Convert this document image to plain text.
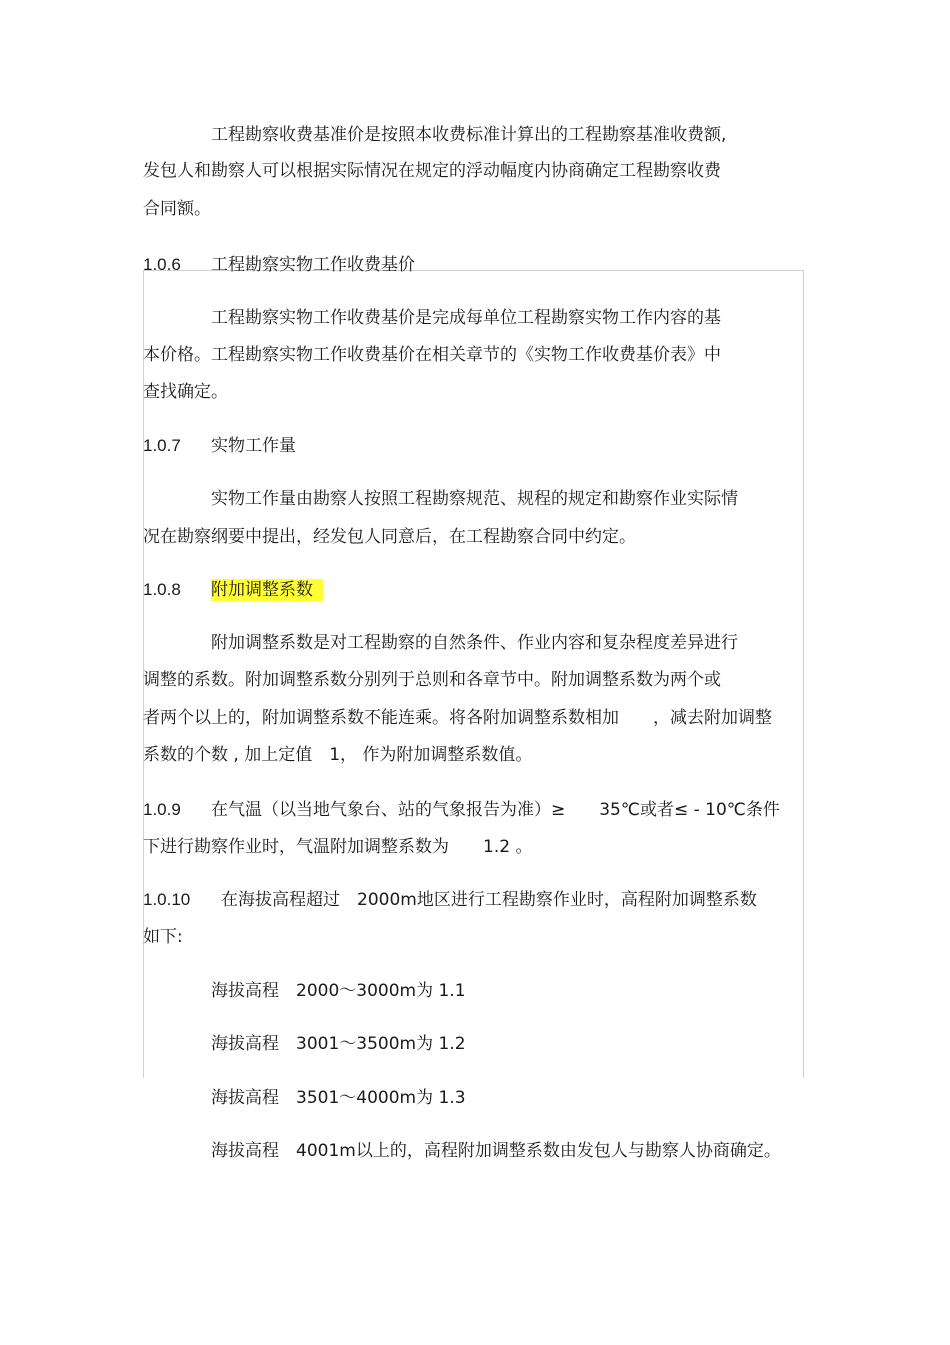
工程勘察收费基准价是按照本收费标准计算出的工程勘察基准收费额,
发包人和勘察人可以根据实际情况在规定的浮动幅度内协商确定工程勘察收费
合同额。
1.0.6 工程勘察实物工作收费基价
工程勘察实物工作收费基价是完成每单位工程勘察实物工作内容的基
本价格。工程勘察实物工作收费基价在相关章节的《实物工作收费基价表》中
查找确定。
1.0.7 实物工作量
实物工作量由勘察人按照工程勘察规范、规程的规定和勘察作业实际情
况在勘察纲要中提出，经发包人同意后，在工程勘察合同中约定。
1.0.8 附加调整系数
附加调整系数是对工程勘察的自然条件、作业内容和复杂程度差异进行
调整的系数。附加调整系数分别列于总则和各章节中。附加调整系数为两个或
者两个以上的，附加调整系数不能连乘。将各附加调整系数相加　　，减去附加调整
系数的个数 , 加上定值　1， 作为附加调整系数值。
1.0.9 在气温（以当地气象台、站的气象报告为准）≥　　35℃或者≤ - 10℃条件
下进行勘察作业时，气温附加调整系数为　　1.2 。
1.0.10 在海拔高程超过　2000m地区进行工程勘察作业时，高程附加调整系数
如下:
海拔高程　2000～3000m为 1.1
海拔高程　3001～3500m为 1.2
海拔高程　3501～4000m为 1.3
海拔高程　4001m以上的，高程附加调整系数由发包人与勘察人协商确定。
